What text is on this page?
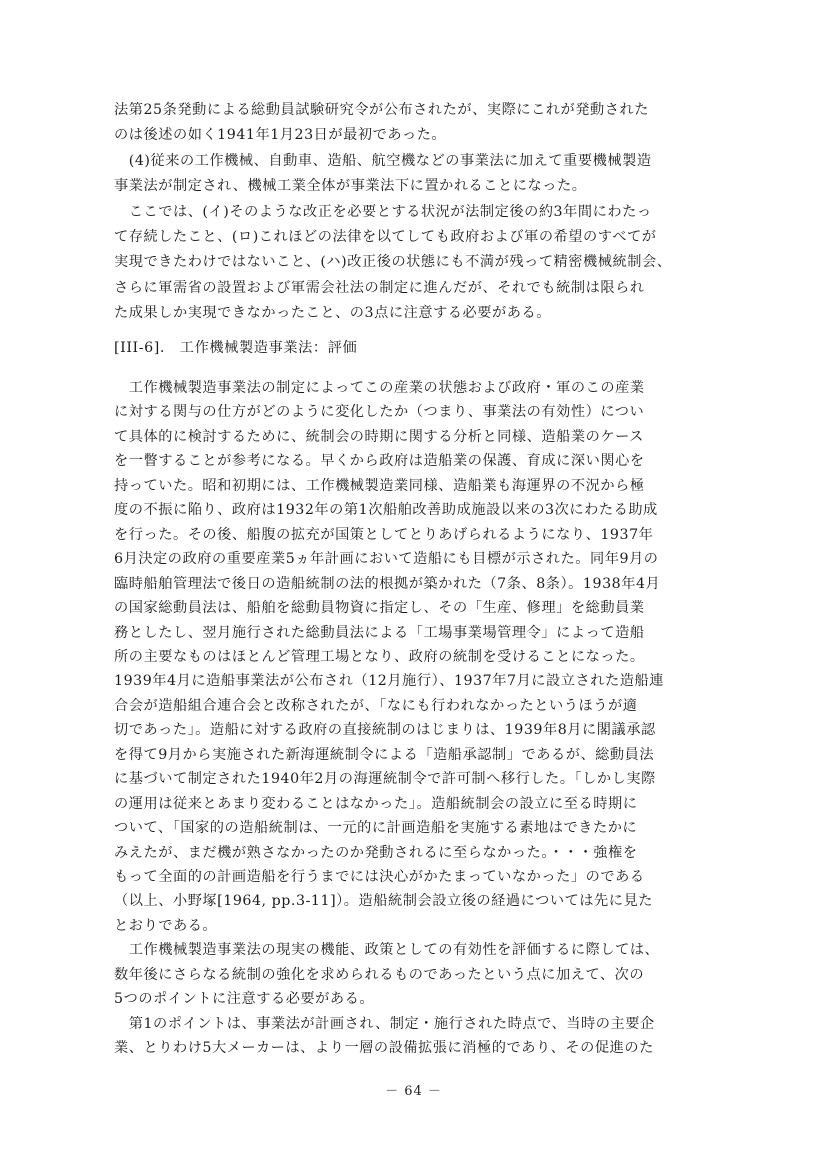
法第25条発動による総動員試験研究令が公布されたが、実際にこれが発動された
のは後述の如く1941年1月23日が最初であった。
　(4)従来の工作機械、自動車、造船、航空機などの事業法に加えて重要機械製造
事業法が制定され、機械工業全体が事業法下に置かれることになった。
　ここでは、(イ)そのような改正を必要とする状況が法制定後の約3年間にわたっ
て存続したこと、(ロ)これほどの法律を以てしても政府および軍の希望のすべてが
実現できたわけではないこと、(ハ)改正後の状態にも不満が残って精密機械統制会、
さらに軍需省の設置および軍需会社法の制定に進んだが、それでも統制は限られ
た成果しか実現できなかったこと、の3点に注意する必要がある。
[III-6].　工作機械製造事業法：評価
　工作機械製造事業法の制定によってこの産業の状態および政府・軍のこの産業
に対する関与の仕方がどのように変化したか（つまり、事業法の有効性）につい
て具体的に検討するために、統制会の時期に関する分析と同様、造船業のケース
を一瞥することが参考になる。早くから政府は造船業の保護、育成に深い関心を
持っていた。昭和初期には、工作機械製造業同様、造船業も海運界の不況から極
度の不振に陥り、政府は1932年の第1次船舶改善助成施設以来の3次にわたる助成
を行った。その後、船腹の拡充が国策としてとりあげられるようになり、1937年
6月決定の政府の重要産業5ヵ年計画において造船にも目標が示された。同年9月の
臨時船舶管理法で後日の造船統制の法的根拠が築かれた（7条、8条）。1938年4月
の国家総動員法は、船舶を総動員物資に指定し、その「生産、修理」を総動員業
務としたし、翌月施行された総動員法による「工場事業場管理令」によって造船
所の主要なものはほとんど管理工場となり、政府の統制を受けることになった。
1939年4月に造船事業法が公布され（12月施行）、1937年7月に設立された造船連
合会が造船組合連合会と改称されたが、「なにも行われなかったというほうが適
切であった」。造船に対する政府の直接統制のはじまりは、1939年8月に閣議承認
を得て9月から実施された新海運統制令による「造船承認制」であるが、総動員法
に基づいて制定された1940年2月の海運統制令で許可制へ移行した。「しかし実際
の運用は従来とあまり変わることはなかった」。造船統制会の設立に至る時期に
ついて、「国家的の造船統制は、一元的に計画造船を実施する素地はできたかに
みえたが、まだ機が熟さなかったのか発動されるに至らなかった。・・・強権を
もって全面的の計画造船を行うまでには決心がかたまっていなかった」のである
（以上、小野塚[1964, pp.3-11]）。造船統制会設立後の経過については先に見た
とおりである。
　工作機械製造事業法の現実の機能、政策としての有効性を評価するに際しては、
数年後にさらなる統制の強化を求められるものであったという点に加えて、次の
5つのポイントに注意する必要がある。
　第1のポイントは、事業法が計画され、制定・施行された時点で、当時の主要企
業、とりわけ5大メーカーは、より一層の設備拡張に消極的であり、その促進のた
－ 64 －
